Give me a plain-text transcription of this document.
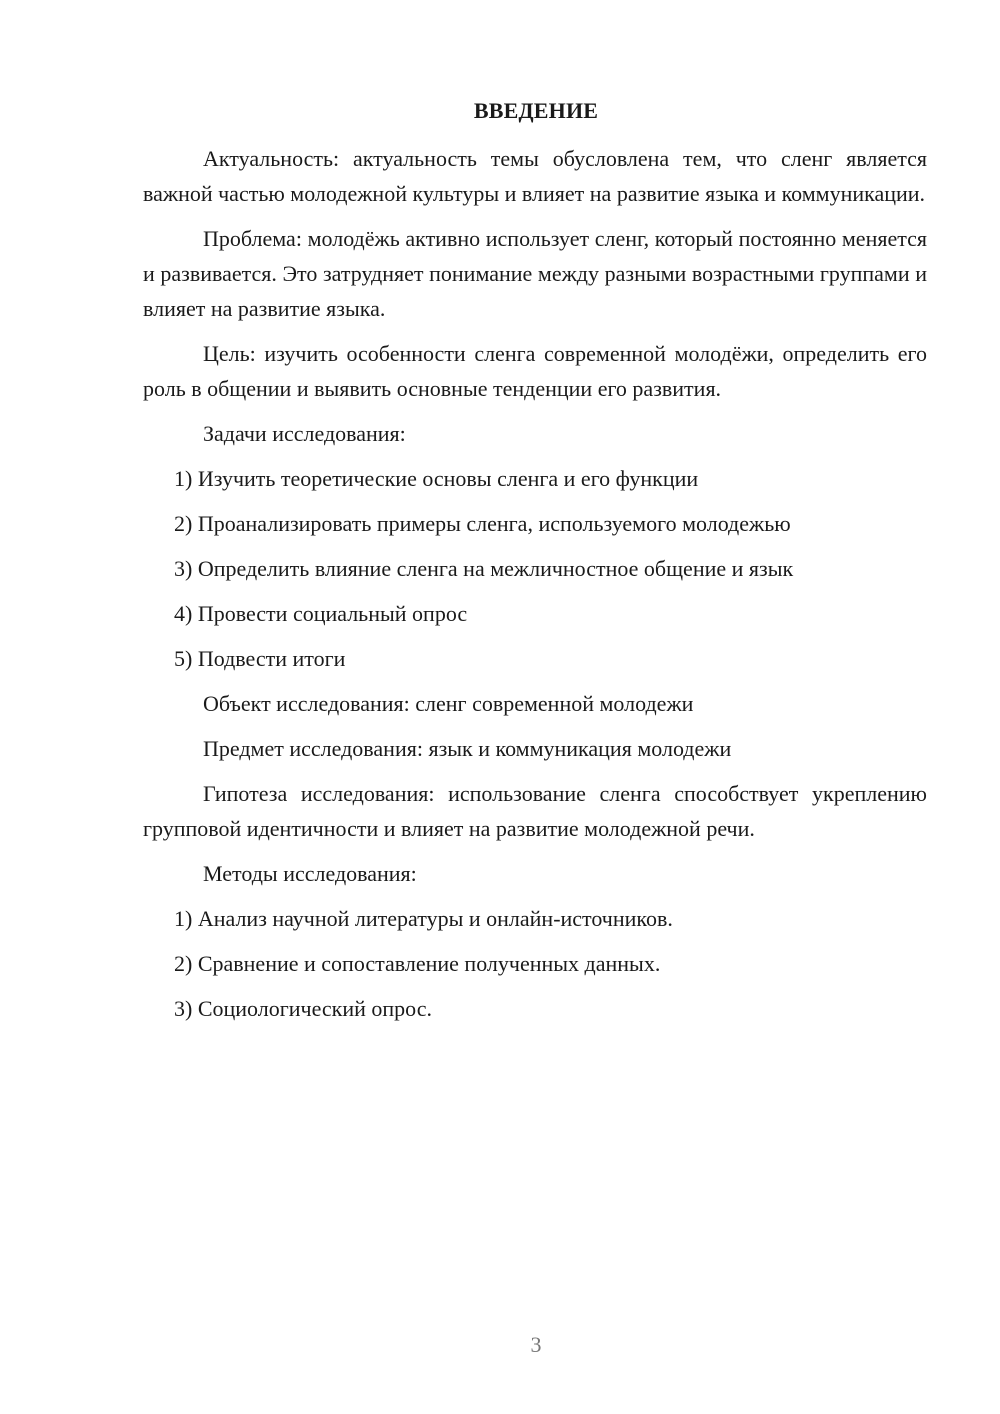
ВВЕДЕНИЕ

Актуальность: актуальность темы обусловлена тем, что сленг является важной частью молодежной культуры и влияет на развитие языка и коммуникации.

Проблема: молодёжь активно использует сленг, который постоянно меняется и развивается. Это затрудняет понимание между разными возрастными группами и влияет на развитие языка.

Цель: изучить особенности сленга современной молодёжи, определить его роль в общении и выявить основные тенденции его развития.

Задачи исследования:

1) Изучить теоретические основы сленга и его функции

2) Проанализировать примеры сленга, используемого молодежью

3) Определить влияние сленга на межличностное общение и язык

4) Провести социальный опрос

5) Подвести итоги

Объект исследования: сленг современной молодежи

Предмет исследования: язык и коммуникация молодежи

Гипотеза исследования: использование сленга способствует укреплению групповой идентичности и влияет на развитие молодежной речи.

Методы исследования:

1) Анализ научной литературы и онлайн-источников.

2) Сравнение и сопоставление полученных данных.

3) Социологический опрос.

3
